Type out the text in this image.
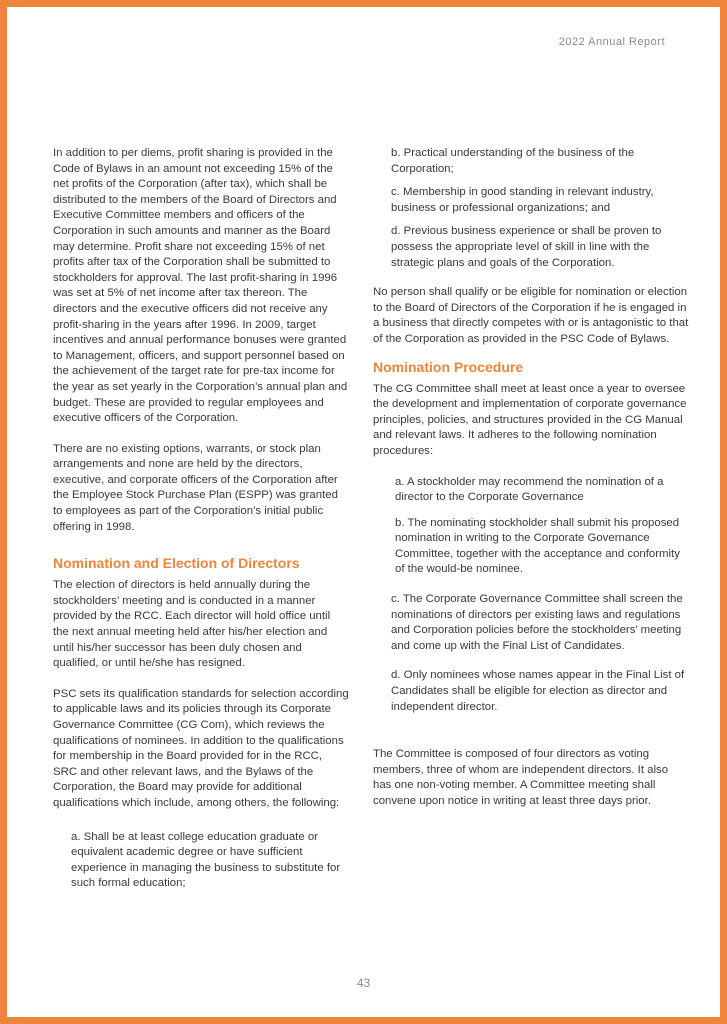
2022 Annual Report

In addition to per diems, profit sharing is provided in the Code of Bylaws in an amount not exceeding 15% of the net profits of the Corporation (after tax), which shall be distributed to the members of the Board of Directors and Executive Committee members and officers of the Corporation in such amounts and manner as the Board may determine. Profit share not exceeding 15% of net profits after tax of the Corporation shall be submitted to stockholders for approval. The last profit-sharing in 1996 was set at 5% of net income after tax thereon. The directors and the executive officers did not receive any profit-sharing in the years after 1996. In 2009, target incentives and annual performance bonuses were granted to Management, officers, and support personnel based on the achievement of the target rate for pre-tax income for the year as set yearly in the Corporation’s annual plan and budget. These are provided to regular employees and executive officers of the Corporation.

There are no existing options, warrants, or stock plan arrangements and none are held by the directors, executive, and corporate officers of the Corporation after the Employee Stock Purchase Plan (ESPP) was granted to employees as part of the Corporation’s initial public offering in 1998.

Nomination and Election of Directors

The election of directors is held annually during the stockholders’ meeting and is conducted in a manner provided by the RCC. Each director will hold office until the next annual meeting held after his/her election and until his/her successor has been duly chosen and qualified, or until he/she has resigned.

PSC sets its qualification standards for selection according to applicable laws and its policies through its Corporate Governance Committee (CG Com), which reviews the qualifications of nominees. In addition to the qualifications for membership in the Board provided for in the RCC, SRC and other relevant laws, and the Bylaws of the Corporation, the Board may provide for additional qualifications which include, among others, the following:

a. Shall be at least college education graduate or equivalent academic degree or have sufficient experience in managing the business to substitute for such formal education;

b. Practical understanding of the business of the Corporation;

c. Membership in good standing in relevant industry, business or professional organizations; and

d. Previous business experience or shall be proven to possess the appropriate level of skill in line with the strategic plans and goals of the Corporation.

No person shall qualify or be eligible for nomination or election to the Board of Directors of the Corporation if he is engaged in a business that directly competes with or is antagonistic to that of the Corporation as provided in the PSC Code of Bylaws.

Nomination Procedure

The CG Committee shall meet at least once a year to oversee the development and implementation of corporate governance principles, policies, and structures provided in the CG Manual and relevant laws. It adheres to the following nomination procedures:

a. A stockholder may recommend the nomination of a director to the Corporate Governance

b. The nominating stockholder shall submit his proposed nomination in writing to the Corporate Governance Committee, together with the acceptance and conformity of the would-be nominee.

c. The Corporate Governance Committee shall screen the nominations of directors per existing laws and regulations and Corporation policies before the stockholders’ meeting and come up with the Final List of Candidates.

d. Only nominees whose names appear in the Final List of Candidates shall be eligible for election as director and independent director.

The Committee is composed of four directors as voting members, three of whom are independent directors. It also has one non-voting member. A Committee meeting shall convene upon notice in writing at least three days prior.

43
